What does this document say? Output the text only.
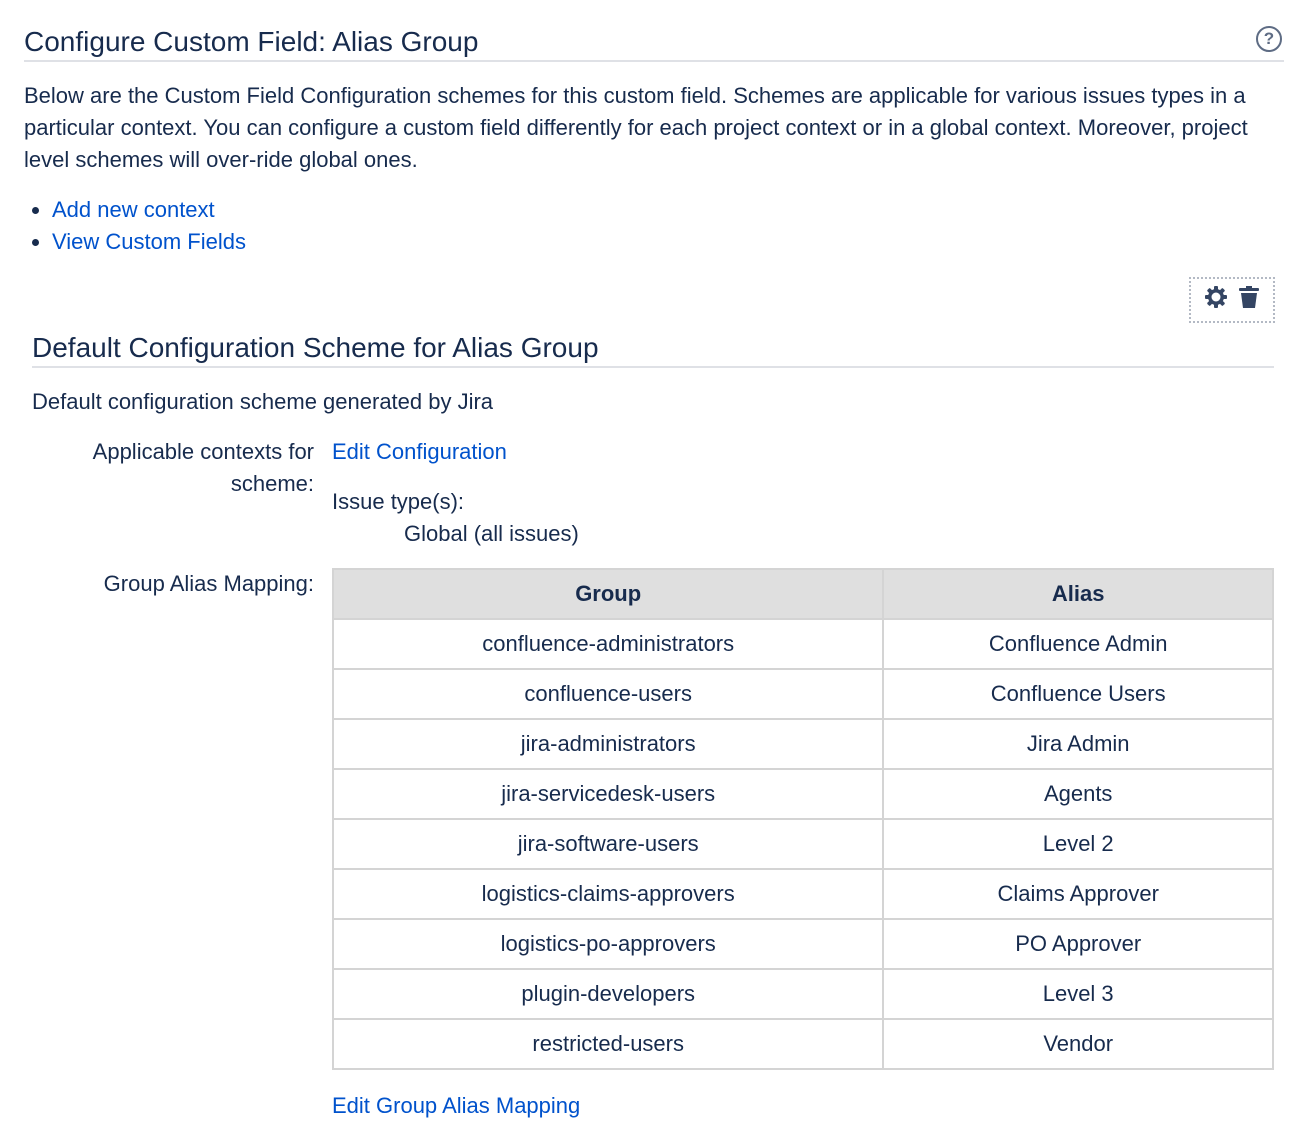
Configure Custom Field: Alias Group	?

Below are the Custom Field Configuration schemes for this custom field. Schemes are applicable for various issues types in a particular context. You can configure a custom field differently for each project context or in a global context. Moreover, project level schemes will over-ride global ones.

• Add new context
• View Custom Fields
Default Configuration Scheme for Alias Group
Default configuration scheme generated by Jira
Applicable contexts for scheme:
Edit Configuration
Issue type(s):
Global (all issues)
Group Alias Mapping:	Group	Alias
confluence-administrators	Confluence Admin
confluence-users	Confluence Users
jira-administrators	Jira Admin
jira-servicedesk-users	Agents
jira-software-users	Level 2
logistics-claims-approvers	Claims Approver
logistics-po-approvers	PO Approver
plugin-developers	Level 3
restricted-users	Vendor
Edit Group Alias Mapping
